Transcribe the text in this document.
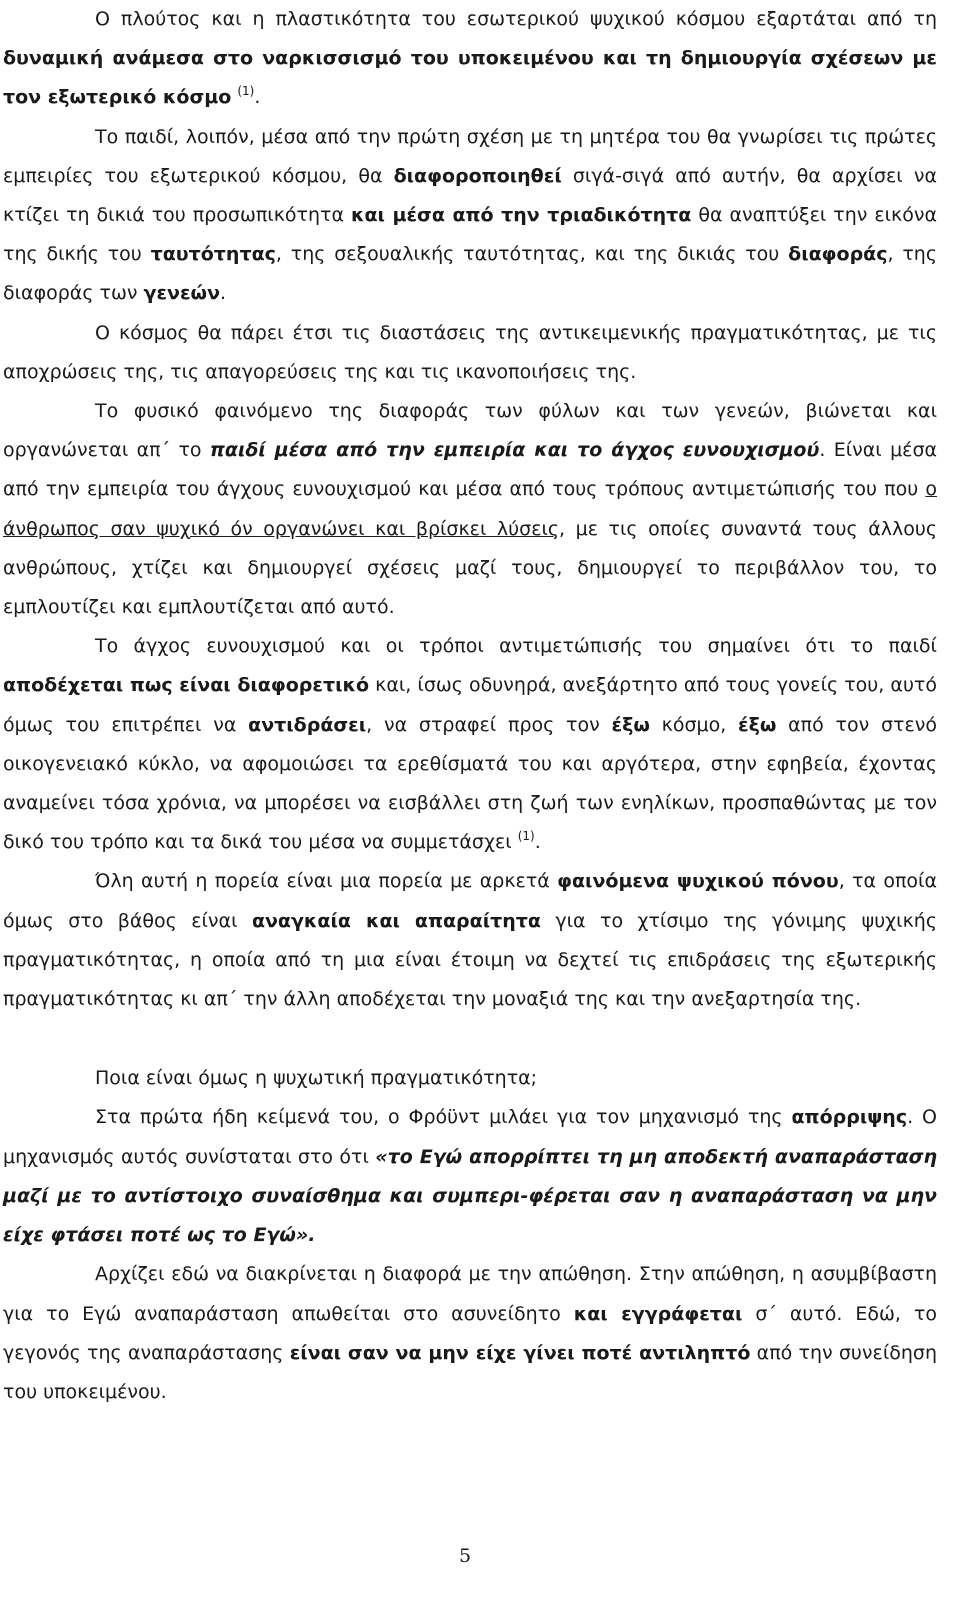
Ο πλούτος και η πλαστικότητα του εσωτερικού ψυχικού κόσμου εξαρτάται από τη δυναμική ανάμεσα στο ναρκισσισμό του υποκειμένου και τη δημιουργία σχέσεων με τον εξωτερικό κόσμο $^{(1)}$.

Το παιδί, λοιπόν, μέσα από την πρώτη σχέση με τη μητέρα του θα γνωρίσει τις πρώτες εμπειρίες του εξωτερικού κόσμου, θα διαφοροποιηθεί σιγά-σιγά από αυτήν, θα αρχίσει να κτίζει τη δικιά του προσωπικότητα και μέσα από την τριαδικότητα θα αναπτύξει την εικόνα της δικής του ταυτότητας, της σεξουαλικής ταυτότητας, και της δικιάς του διαφοράς, της διαφοράς των γενεών.

Ο κόσμος θα πάρει έτσι τις διαστάσεις της αντικειμενικής πραγματικότητας, με τις αποχρώσεις της, τις απαγορεύσεις της και τις ικανοποιήσεις της.

Το φυσικό φαινόμενο της διαφοράς των φύλων και των γενεών, βιώνεται και οργανώνεται απ΄ το παιδί μέσα από την εμπειρία και το άγχος ευνουχισμού. Είναι μέσα από την εμπειρία του άγχους ευνουχισμού και μέσα από τους τρόπους αντιμετώπισής του που ο άνθρωπος σαν ψυχικό όν οργανώνει και βρίσκει λύσεις, με τις οποίες συναντά τους άλλους ανθρώπους, χτίζει και δημιουργεί σχέσεις μαζί τους, δημιουργεί το περιβάλλον του, το εμπλουτίζει και εμπλουτίζεται από αυτό.

Το άγχος ευνουχισμού και οι τρόποι αντιμετώπισής του σημαίνει ότι το παιδί αποδέχεται πως είναι διαφορετικό και, ίσως οδυνηρά, ανεξάρτητο από τους γονείς του, αυτό όμως του επιτρέπει να αντιδράσει, να στραφεί προς τον έξω κόσμο, έξω από τον στενό οικογενειακό κύκλο, να αφομοιώσει τα ερεθίσματά του και αργότερα, στην εφηβεία, έχοντας αναμείνει τόσα χρόνια, να μπορέσει να εισβάλλει στη ζωή των ενηλίκων, προσπαθώντας με τον δικό του τρόπο και τα δικά του μέσα να συμμετάσχει $^{(1)}$.

Όλη αυτή η πορεία είναι μια πορεία με αρκετά φαινόμενα ψυχικού πόνου, τα οποία όμως στο βάθος είναι αναγκαία και απαραίτητα για το χτίσιμο της γόνιμης ψυχικής πραγματικότητας, η οποία από τη μια είναι έτοιμη να δεχτεί τις επιδράσεις της εξωτερικής πραγματικότητας κι απ΄ την άλλη αποδέχεται την μοναξιά της και την ανεξαρτησία της.

Ποια είναι όμως η ψυχωτική πραγματικότητα;

Στα πρώτα ήδη κείμενά του, ο Φρόϋντ μιλάει για τον μηχανισμό της απόρριψης. Ο μηχανισμός αυτός συνίσταται στο ότι «το Εγώ απορρίπτει τη μη αποδεκτή αναπαράσταση μαζί με το αντίστοιχο συναίσθημα και συμπερι-φέρεται σαν η αναπαράσταση να μην είχε φτάσει ποτέ ως το Εγώ».

Αρχίζει εδώ να διακρίνεται η διαφορά με την απώθηση. Στην απώθηση, η ασυμβίβαστη για το Εγώ αναπαράσταση απωθείται στο ασυνείδητο και εγγράφεται σ΄ αυτό. Εδώ, το γεγονός της αναπαράστασης είναι σαν να μην είχε γίνει ποτέ αντιληπτό από την συνείδηση του υποκειμένου.

5
